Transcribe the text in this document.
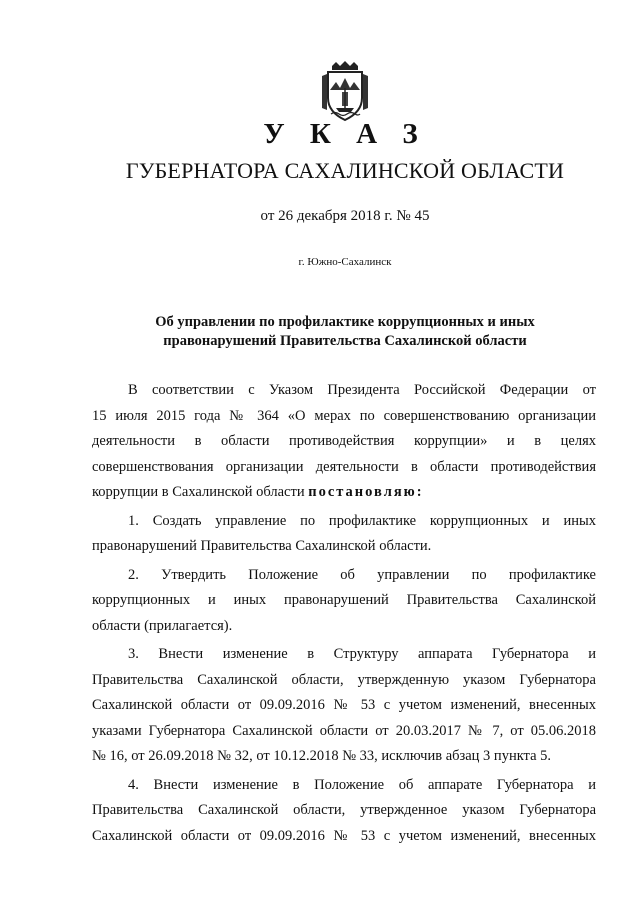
У К А З
ГУБЕРНАТОРА САХАЛИНСКОЙ ОБЛАСТИ
от 26 декабря 2018 г. № 45
г. Южно-Сахалинск
Об управлении по профилактике коррупционных и иных
правонарушений Правительства Сахалинской области
В соответствии с Указом Президента Российской Федерации от
15 июля 2015 года № 364 «О мерах по совершенствованию организации
деятельности в области противодействия коррупции» и в целях
совершенствования организации деятельности в области противодействия
коррупции в Сахалинской области постановляю:
1. Создать управление по профилактике коррупционных и иных
правонарушений Правительства Сахалинской области.
2. Утвердить Положение об управлении по профилактике
коррупционных и иных правонарушений Правительства Сахалинской
области (прилагается).
3. Внести изменение в Структуру аппарата Губернатора и
Правительства Сахалинской области, утвержденную указом Губернатора
Сахалинской области от 09.09.2016 № 53 с учетом изменений, внесенных
указами Губернатора Сахалинской области от 20.03.2017 № 7, от 05.06.2018
№ 16, от 26.09.2018 № 32, от 10.12.2018 № 33, исключив абзац 3 пункта 5.
4. Внести изменение в Положение об аппарате Губернатора и
Правительства Сахалинской области, утвержденное указом Губернатора
Сахалинской области от 09.09.2016 № 53 с учетом изменений, внесенных
